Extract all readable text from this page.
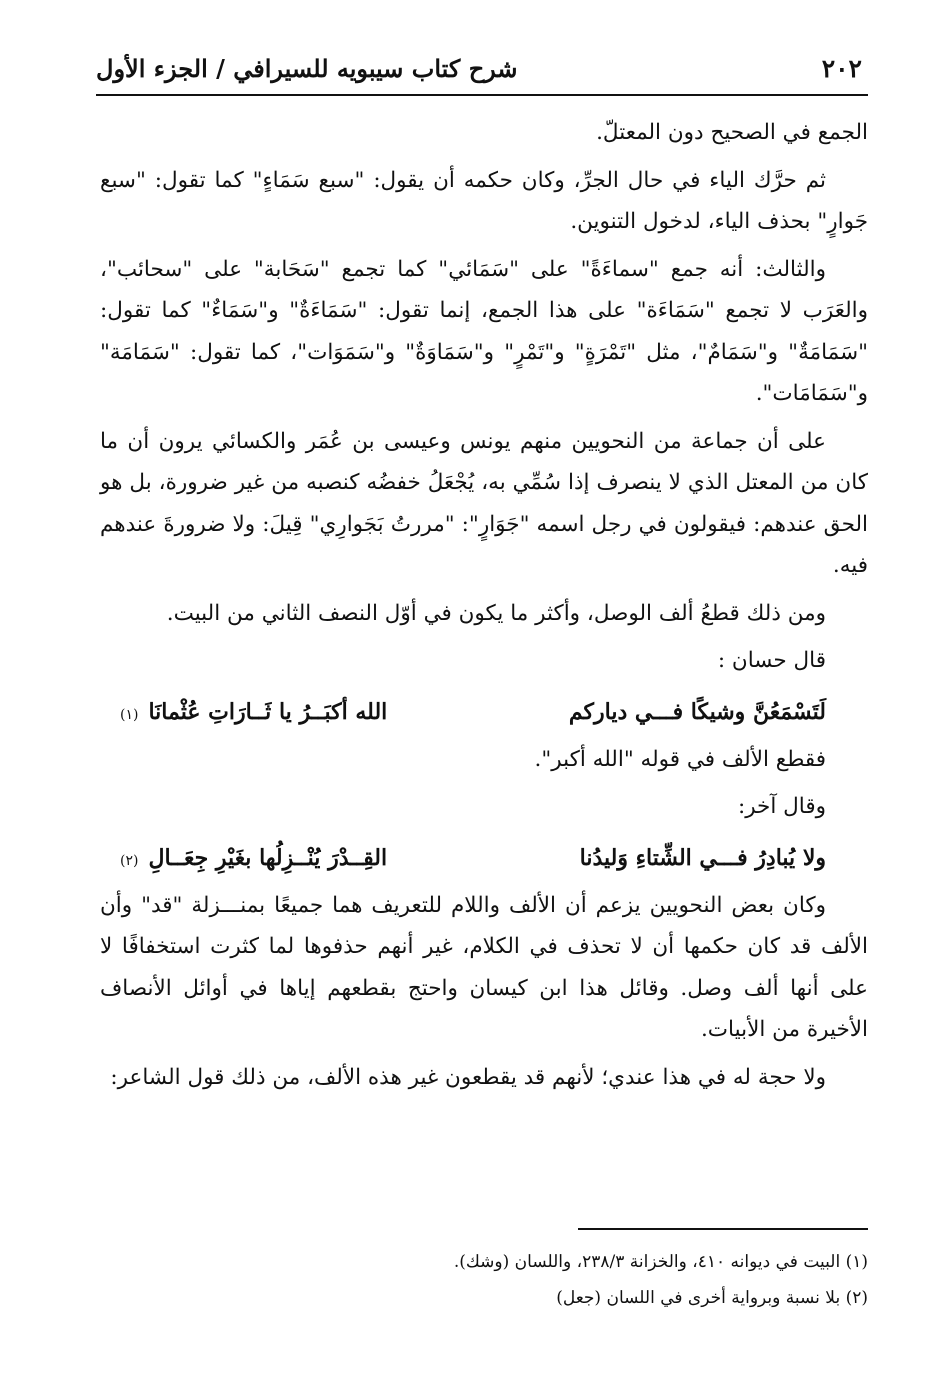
٢٠٢
شرح كتاب سيبويه للسيرافي / الجزء الأول

الجمع في الصحيح دون المعتلّ.

ثم حرَّك الياء في حال الجرِّ، وكان حكمه أن يقول: "سبع سَمَاءٍ" كما تقول: "سبع جَوارٍ" بحذف الياء، لدخول التنوين.

والثالث: أنه جمع "سماءَةً" على "سَمَائي" كما تجمع "سَحَابة" على "سحائب"، والعَرَب لا تجمع "سَمَاءَة" على هذا الجمع، إنما تقول: "سَمَاءَةٌ" و"سَمَاءٌ" كما تقول: "سَمَامَةٌ" و"سَمَامٌ"، مثل "تَمْرَةٍ" و"تَمْرٍ" و"سَمَاوَةٌ" و"سَمَوَات"، كما تقول: "سَمَامَة" و"سَمَامَات".

على أن جماعة من النحويين منهم يونس وعيسى بن عُمَر والكسائي يرون أن ما كان من المعتل الذي لا ينصرف إذا سُمِّي به، يُجْعَلُ خفضُه كنصبه من غير ضرورة، بل هو الحق عندهم: فيقولون في رجل اسمه "جَوَارٍ": "مررتُ بَجَوارِي" قِيلَ: ولا ضرورةَ عندهم فيه.

ومن ذلك قطعُ ألف الوصل، وأكثر ما يكون في أوّل النصف الثاني من البيت.

قال حسان :

لَتَسْمَعُنَّ وشيكًا فـــي دياركم
الله أكبَــرُ يا ثَــارَاتِ عُثْمانَا
(١)

فقطع الألف في قوله "الله أكبر".

وقال آخر:

ولا يُبادِرُ فـــي الشِّتاءِ وَليدُنا
القِــدْرَ يُنْــزِلُها بغَيْرِ جِعَــالِ
(٢)

وكان بعض النحويين يزعم أن الألف واللام للتعريف هما جميعًا بمنـــزلة "قد" وأن الألف قد كان حكمها أن لا تحذف في الكلام، غير أنهم حذفوها لما كثرت استخفافًا لا على أنها ألف وصل. وقائل هذا ابن كيسان واحتج بقطعهم إياها في أوائل الأنصاف الأخيرة من الأبيات.

ولا حجة له في هذا عندي؛ لأنهم قد يقطعون غير هذه الألف، من ذلك قول الشاعر:

(١) البيت في ديوانه ٤١٠، والخزانة ٢٣٨/٣، واللسان (وشك).

(٢) بلا نسبة وبرواية أخرى في اللسان (جعل)
